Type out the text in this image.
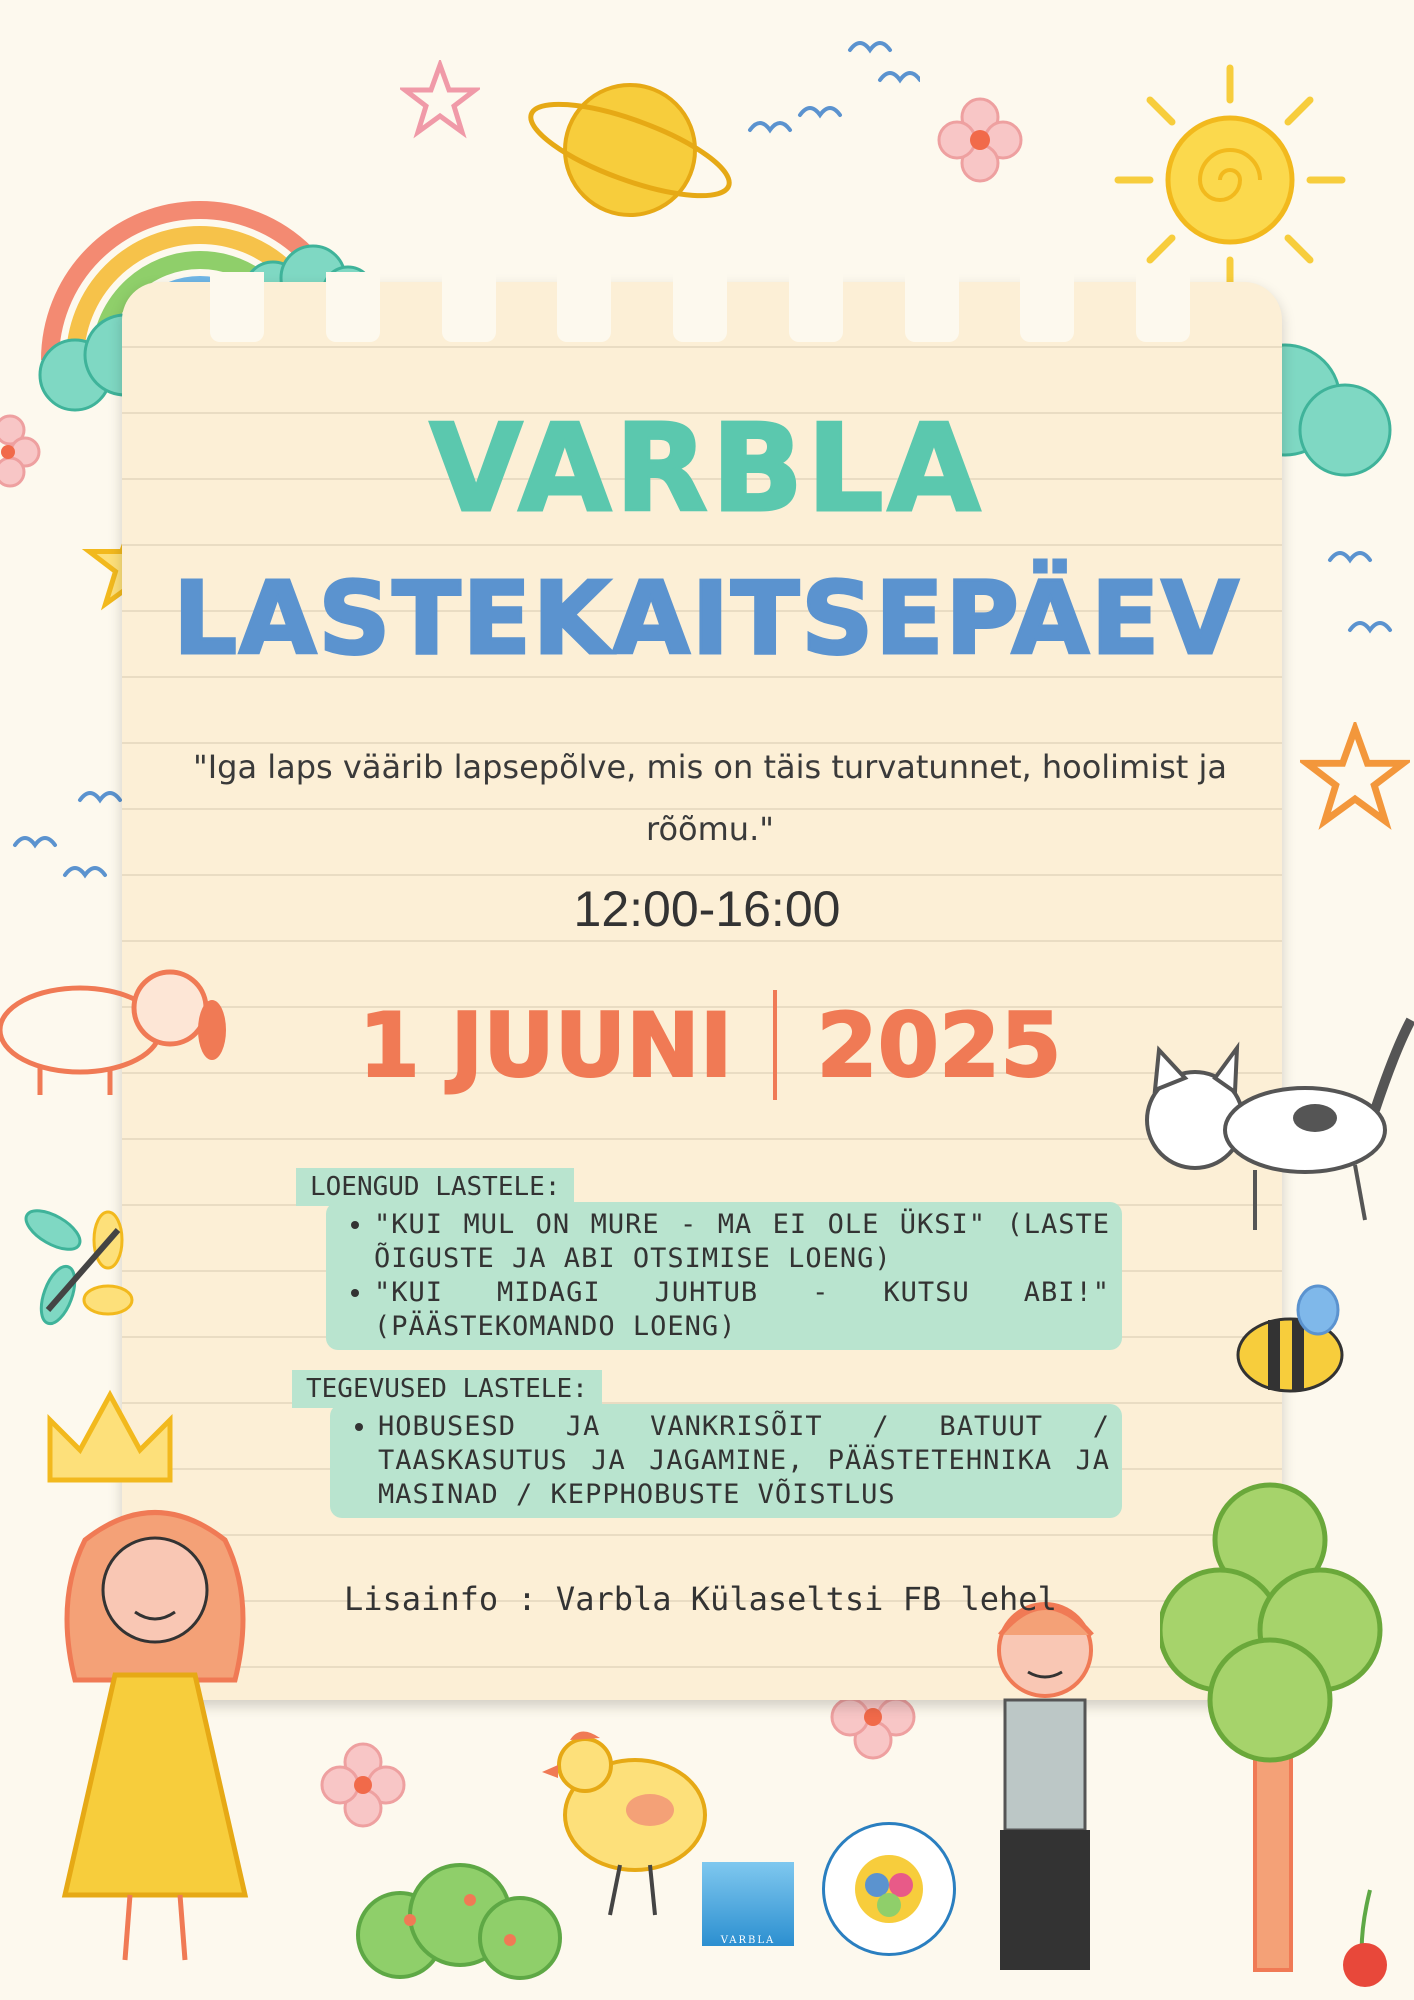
VARBLA
LASTEKAITSEPÄEV
"Iga laps väärib lapsepõlve, mis on täis turvatunnet, hoolimist ja rõõmu."
12:00-16:00
1 JUUNI 2025
LOENGUD LASTELE:
• "KUI MUL ON MURE - MA EI OLE ÜKSI" (LASTE ÕIGUSTE JA ABI OTSIMISE LOENG)
• "KUI MIDAGI JUHTUB - KUTSU ABI!" (PÄÄSTEKOMANDO LOENG)
TEGEVUSED LASTELE:
• HOBUSESD JA VANKRISÕIT / BATUUT / TAASKASUTUS JA JAGAMINE, PÄÄSTETEHNIKA JA MASINAD / KEPPHOBUSTE VÕISTLUS
Lisainfo : Varbla Külaseltsi FB lehel
VARBLA
